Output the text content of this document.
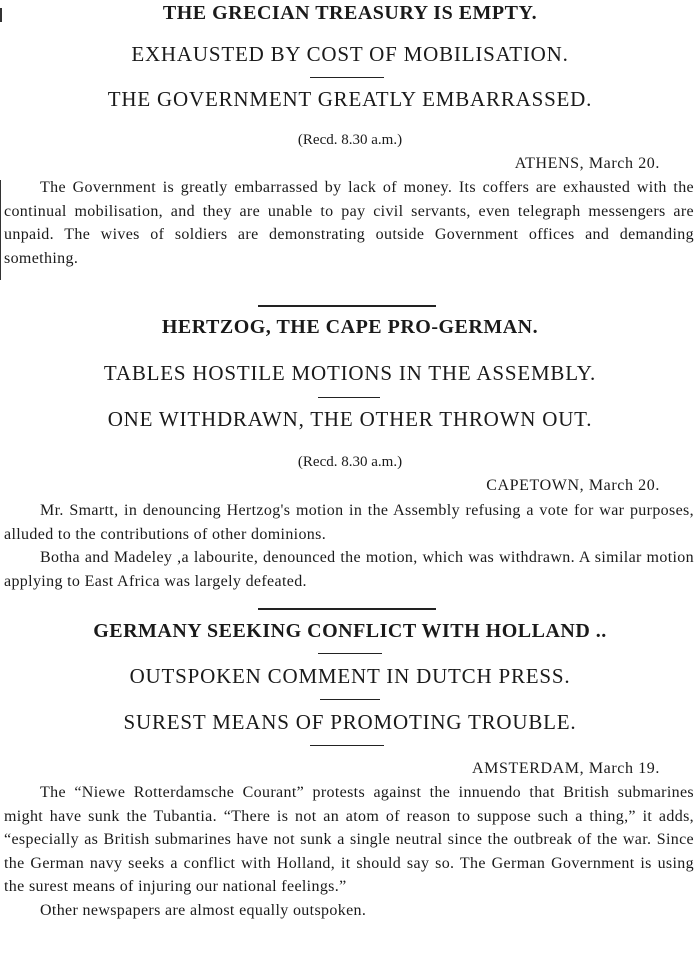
THE GRECIAN TREASURY IS EMPTY.
EXHAUSTED BY COST OF MOBILISATION.
THE GOVERNMENT GREATLY EMBARRASSED.
(Recd. 8.30 a.m.)
ATHENS, March 20.

The Government is greatly embarrassed by lack of money. Its coffers are exhausted with the continual mobilisation, and they are unable to pay civil servants, even telegraph messengers are unpaid. The wives of soldiers are demonstrating outside Government offices and demanding something.

HERTZOG, THE CAPE PRO-GERMAN.
TABLES HOSTILE MOTIONS IN THE ASSEMBLY.
ONE WITHDRAWN, THE OTHER THROWN OUT.
(Recd. 8.30 a.m.)
CAPETOWN, March 20.

Mr. Smartt, in denouncing Hertzog's motion in the Assembly refusing a vote for war purposes, alluded to the contributions of other dominions.

Botha and Madeley ,a labourite, denounced the motion, which was withdrawn. A similar motion applying to East Africa was largely defeated.

GERMANY SEEKING CONFLICT WITH HOLLAND ..
OUTSPOKEN COMMENT IN DUTCH PRESS.
SUREST MEANS OF PROMOTING TROUBLE.
AMSTERDAM, March 19.

The “Niewe Rotterdamsche Courant” protests against the innuendo that British submarines might have sunk the Tubantia. “There is not an atom of reason to suppose such a thing,” it adds, “especially as British submarines have not sunk a single neutral since the outbreak of the war. Since the German navy seeks a conflict with Holland, it should say so. The German Government is using the surest means of injuring our national feelings.”

Other newspapers are almost equally outspoken.
